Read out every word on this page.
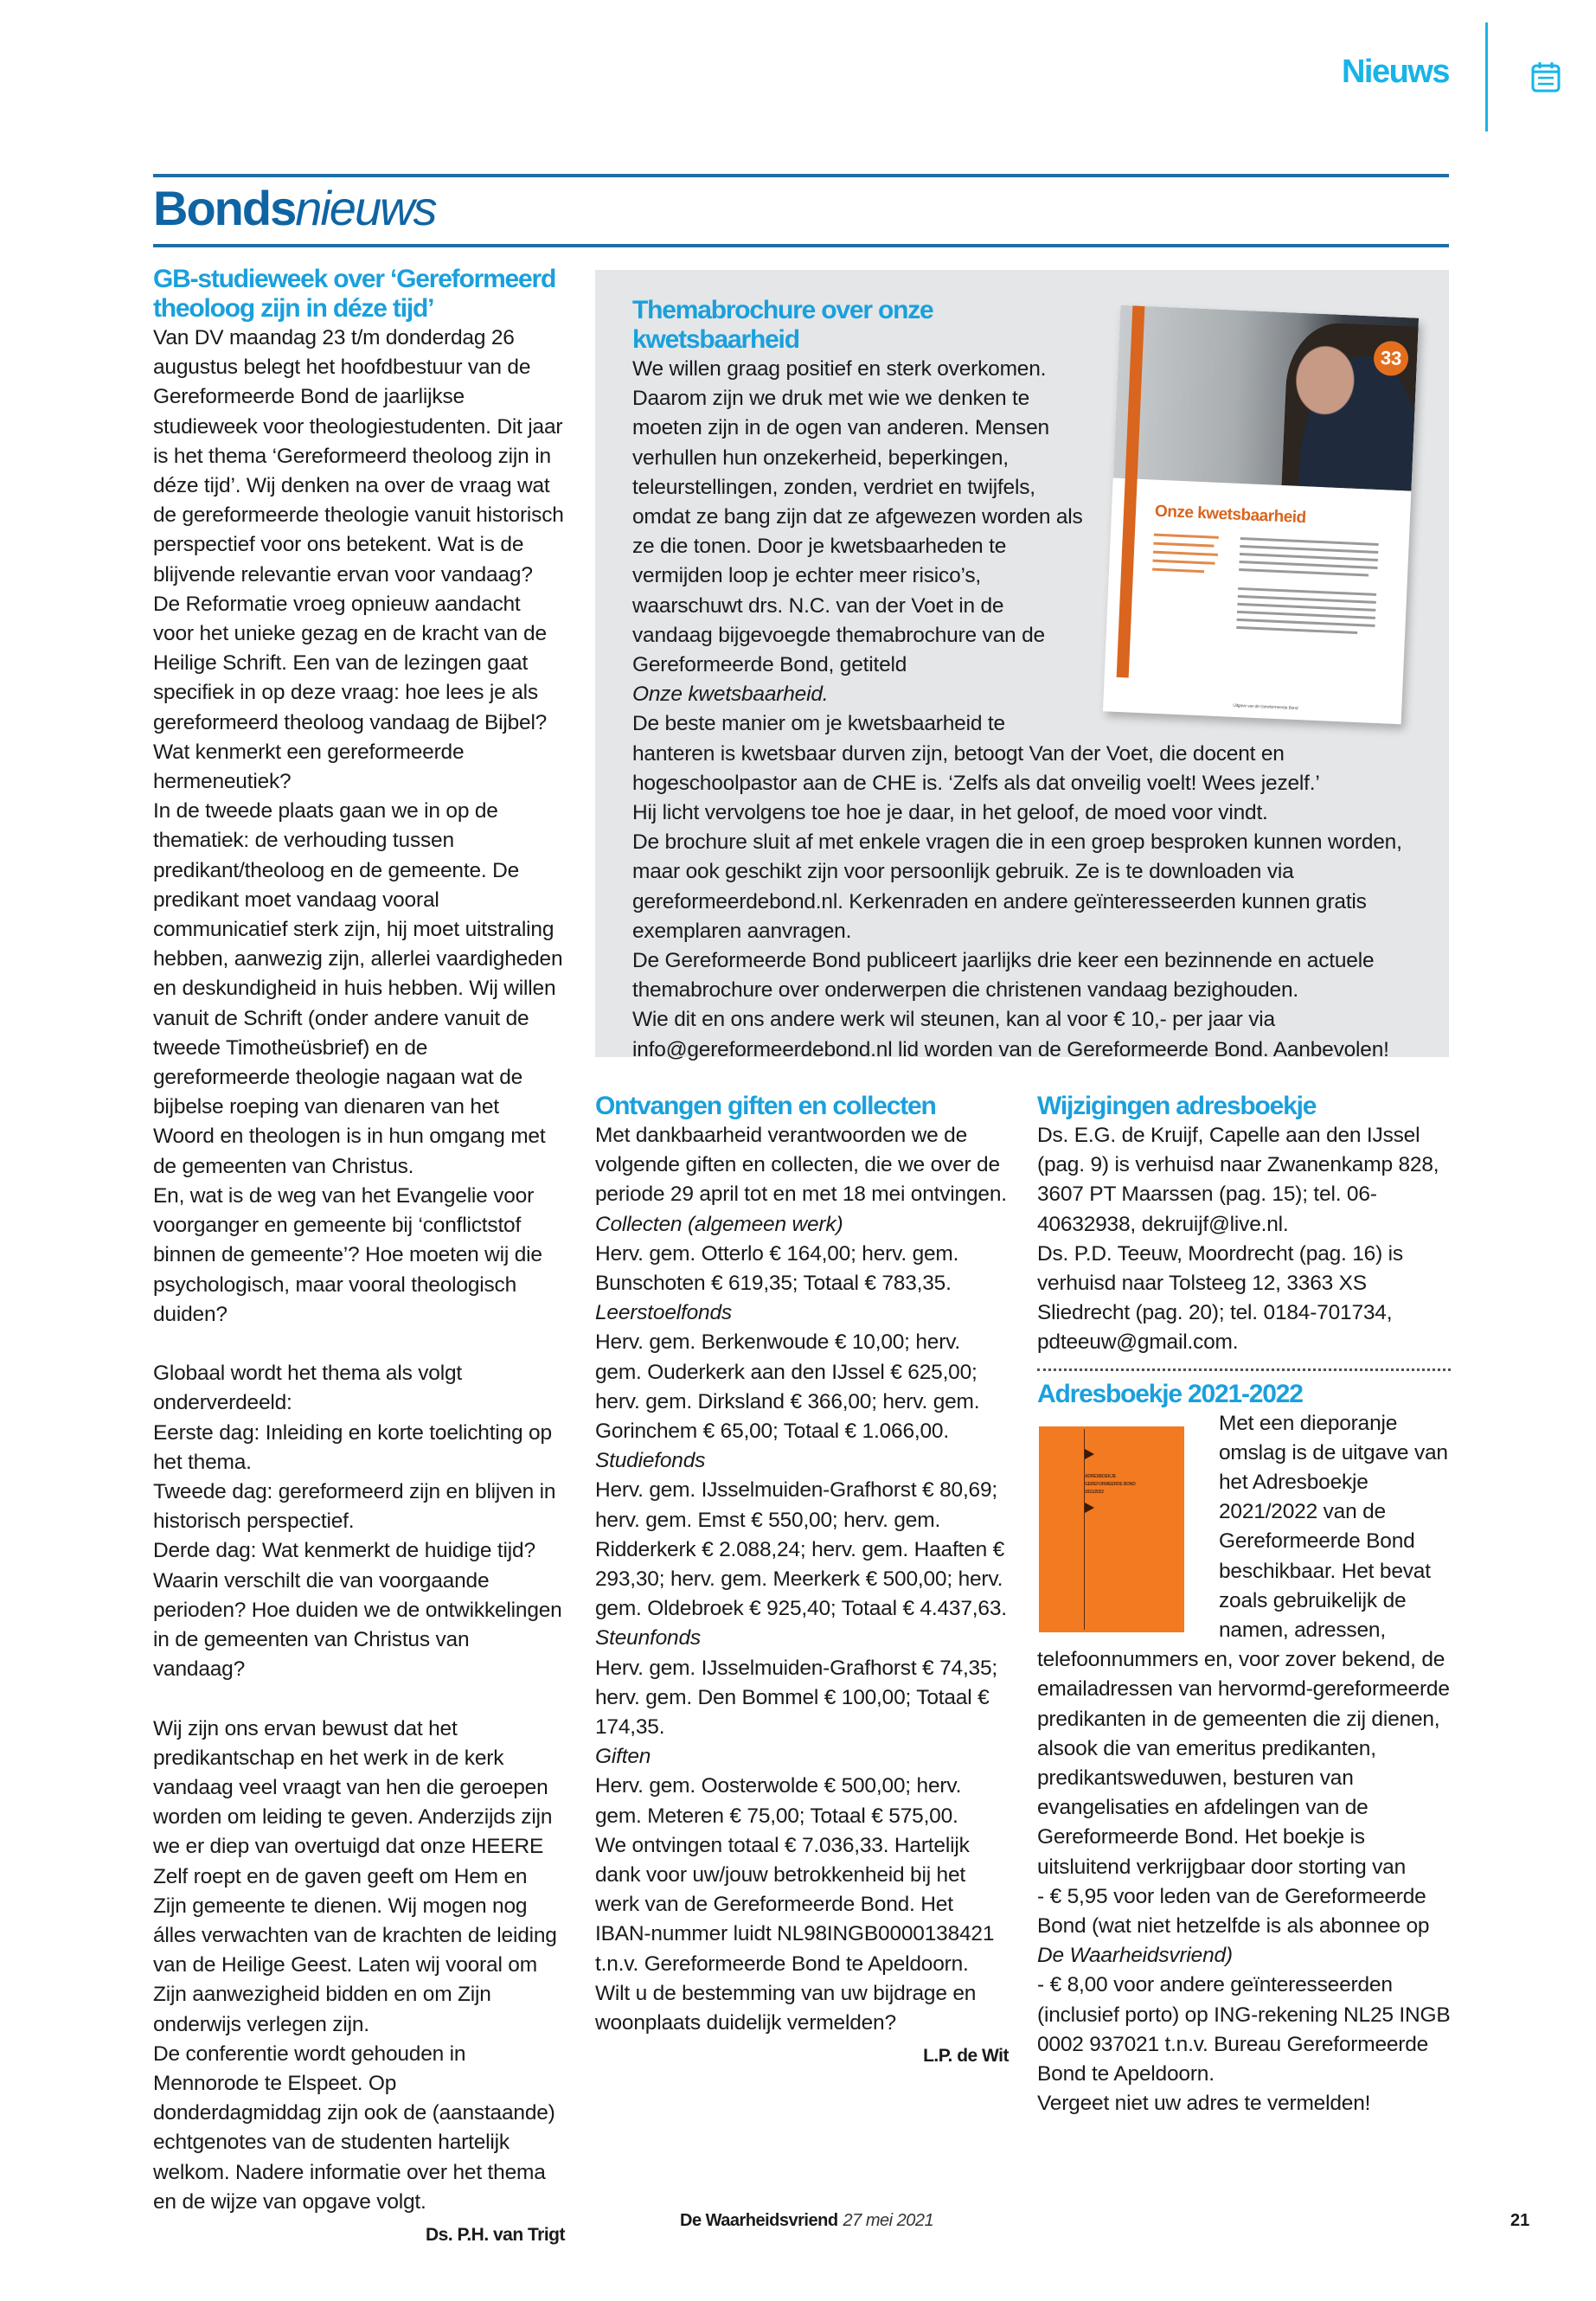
Nieuws
Bondsnieuws
GB-studieweek over ‘Gereformeerd theoloog zijn in déze tijd’

Van DV maandag 23 t/m donderdag 26 augustus belegt het hoofdbestuur van de Gereformeerde Bond de jaarlijkse studieweek voor theologiestudenten. Dit jaar is het thema ‘Gereformeerd theoloog zijn in déze tijd’. Wij denken na over de vraag wat de gereformeerde theologie vanuit historisch perspectief voor ons betekent. Wat is de blijvende relevantie ervan voor vandaag? De Reformatie vroeg opnieuw aandacht voor het unieke gezag en de kracht van de Heilige Schrift. Een van de lezingen gaat specifiek in op deze vraag: hoe lees je als gereformeerd theoloog vandaag de Bijbel? Wat kenmerkt een gereformeerde hermeneutiek?

In de tweede plaats gaan we in op de thematiek: de verhouding tussen predikant/theoloog en de gemeente. De predikant moet vandaag vooral communicatief sterk zijn, hij moet uitstraling hebben, aanwezig zijn, allerlei vaardigheden en deskundigheid in huis hebben. Wij willen vanuit de Schrift (onder andere vanuit de tweede Timotheüsbrief) en de gereformeerde theologie nagaan wat de bijbelse roeping van dienaren van het Woord en theologen is in hun omgang met de gemeenten van Christus.

En, wat is de weg van het Evangelie voor voorganger en gemeente bij ‘conflictstof binnen de gemeente’? Hoe moeten wij die psychologisch, maar vooral theologisch duiden?

Globaal wordt het thema als volgt onderverdeeld:

Eerste dag: Inleiding en korte toelichting op het thema.

Tweede dag: gereformeerd zijn en blijven in historisch perspectief.

Derde dag: Wat kenmerkt de huidige tijd? Waarin verschilt die van voorgaande perioden? Hoe duiden we de ontwikkelingen in de gemeenten van Christus van vandaag?

Wij zijn ons ervan bewust dat het predikantschap en het werk in de kerk vandaag veel vraagt van hen die geroepen worden om leiding te geven. Anderzijds zijn we er diep van overtuigd dat onze HEERE Zelf roept en de gaven geeft om Hem en Zijn gemeente te dienen. Wij mogen nog álles verwachten van de krachten de leiding van de Heilige Geest. Laten wij vooral om Zijn aanwezigheid bidden en om Zijn onderwijs verlegen zijn.

De conferentie wordt gehouden in Mennorode te Elspeet. Op donderdagmiddag zijn ook de (aanstaande) echtgenotes van de studenten hartelijk welkom. Nadere informatie over het thema en de wijze van opgave volgt.

Ds. P.H. van Trigt

33
Onze kwetsbaarheid
Uitgave van de Gereformeerde Bond
Themabrochure over onze kwetsbaarheid

We willen graag positief en sterk overkomen. Daarom zijn we druk met wie we denken te moeten zijn in de ogen van anderen. Mensen verhullen hun onzekerheid, beperkingen, teleurstellingen, zonden, verdriet en twijfels, omdat ze bang zijn dat ze afgewezen worden als ze die tonen. Door je kwetsbaarheden te vermijden loop je echter meer risico’s, waarschuwt drs. N.C. van der Voet in de vandaag bijgevoegde themabrochure van de Gereformeerde Bond, getiteld

Onze kwetsbaarheid.

De beste manier om je kwetsbaarheid te hanteren is kwetsbaar durven zijn, betoogt Van der Voet, die docent en hogeschoolpastor aan de CHE is. ‘Zelfs als dat onveilig voelt! Wees jezelf.’

Hij licht vervolgens toe hoe je daar, in het geloof, de moed voor vindt.

De brochure sluit af met enkele vragen die in een groep besproken kunnen worden, maar ook geschikt zijn voor persoonlijk gebruik. Ze is te downloaden via gereformeerdebond.nl. Kerkenraden en andere geïnteresseerden kunnen gratis exemplaren aanvragen.

De Gereformeerde Bond publiceert jaarlijks drie keer een bezinnende en actuele themabrochure over onderwerpen die christenen vandaag bezighouden.

Wie dit en ons andere werk wil steunen, kan al voor € 10,- per jaar via info@gereformeerdebond.nl lid worden van de Gereformeerde Bond. Aanbevolen!

Ontvangen giften en collecten

Met dankbaarheid verantwoorden we de volgende giften en collecten, die we over de periode 29 april tot en met 18 mei ontvingen.

Collecten (algemeen werk)

Herv. gem. Otterlo € 164,00; herv. gem. Bunschoten € 619,35; Totaal € 783,35.

Leerstoelfonds

Herv. gem. Berkenwoude € 10,00; herv. gem. Ouderkerk aan den IJssel € 625,00; herv. gem. Dirksland € 366,00; herv. gem. Gorinchem € 65,00; Totaal € 1.066,00.

Studiefonds

Herv. gem. IJsselmuiden-Grafhorst € 80,69; herv. gem. Emst € 550,00; herv. gem. Ridderkerk € 2.088,24; herv. gem. Haaften € 293,30; herv. gem. Meerkerk € 500,00; herv. gem. Oldebroek € 925,40; Totaal € 4.437,63.

Steunfonds

Herv. gem. IJsselmuiden-Grafhorst € 74,35; herv. gem. Den Bommel € 100,00; Totaal € 174,35.

Giften

Herv. gem. Oosterwolde € 500,00; herv. gem. Meteren € 75,00; Totaal € 575,00.

We ontvingen totaal € 7.036,33. Hartelijk dank voor uw/jouw betrokkenheid bij het werk van de Gereformeerde Bond. Het IBAN-nummer luidt NL98INGB0000138421 t.n.v. Gereformeerde Bond te Apeldoorn. Wilt u de bestemming van uw bijdrage en woonplaats duidelijk vermelden?

L.P. de Wit

Wijzigingen adresboekje

Ds. E.G. de Kruijf, Capelle aan den IJssel (pag. 9) is verhuisd naar Zwanenkamp 828, 3607 PT Maarssen (pag. 15); tel. 06-40632938, dekruijf@live.nl.

Ds. P.D. Teeuw, Moordrecht (pag. 16) is verhuisd naar Tolsteeg 12, 3363 XS Sliedrecht (pag. 20); tel. 0184-701734, pdteeuw@gmail.com.

Adresboekje 2021-2022
ADRESBOEKJE
GEREFORMEERDE BOND
2021/2022

Met een dieporanje omslag is de uitgave van het Adresboekje 2021/2022 van de Gereformeerde Bond beschikbaar. Het bevat zoals gebruikelijk de namen, adressen, telefoonnummers en, voor zover bekend, de emailadressen van hervormd-gereformeerde predikanten in de gemeenten die zij dienen, alsook die van emeritus predikanten, predikantsweduwen, besturen van evangelisaties en afdelingen van de Gereformeerde Bond. Het boekje is uitsluitend verkrijgbaar door storting van

- € 5,95 voor leden van de Gereformeerde Bond (wat niet hetzelfde is als abonnee op

De Waarheidsvriend)

- € 8,00 voor andere geïnteresseerden (inclusief porto) op ING-rekening NL25 INGB 0002 937021 t.n.v. Bureau Gereformeerde Bond te Apeldoorn.

Vergeet niet uw adres te vermelden!

De Waarheidsvriend 27 mei 2021	21
